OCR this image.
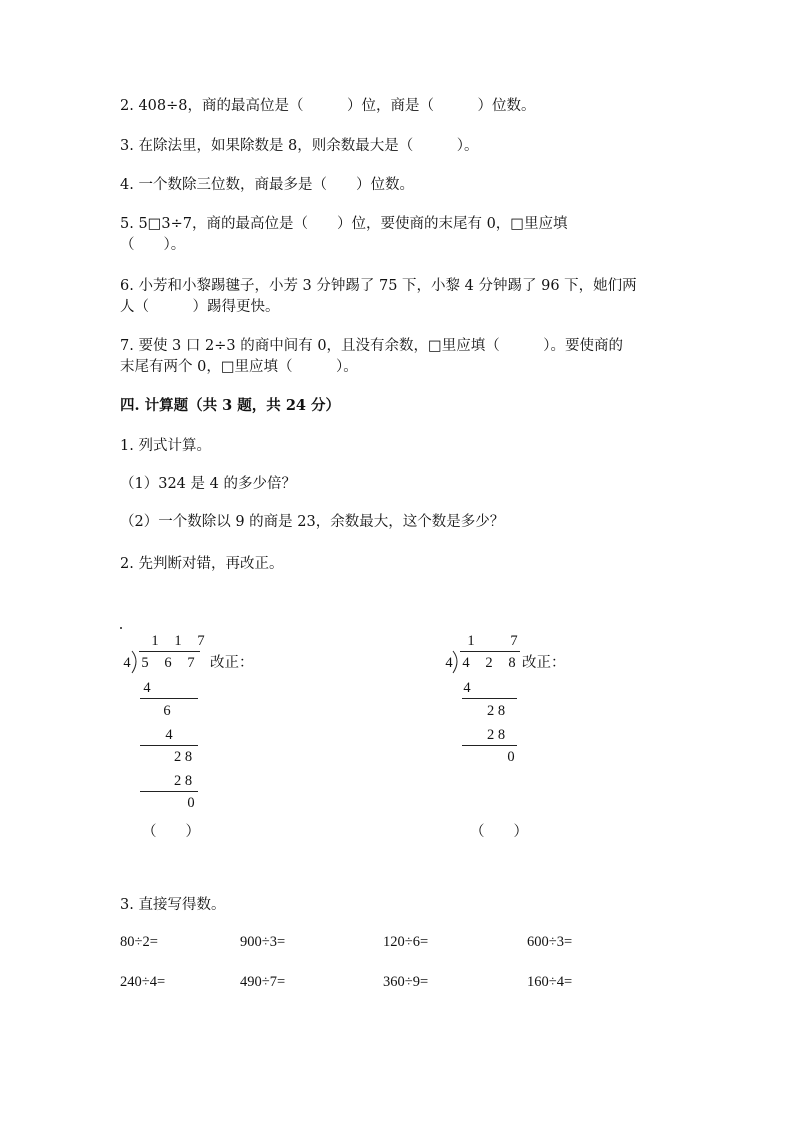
2. 408÷8，商的最高位是（　　　）位，商是（　　　）位数。
3. 在除法里，如果除数是 8，则余数最大是（　　　）。
4. 一个数除三位数，商最多是（　　）位数。
5. 5□3÷7，商的最高位是（　　）位，要使商的末尾有 0，□里应填
（　　）。
6. 小芳和小黎踢毽子，小芳 3 分钟踢了 75 下，小黎 4 分钟踢了 96 下，她们两
人（　　　）踢得更快。
7. 要使 3 口 2÷3 的商中间有 0，且没有余数，□里应填（　　　）。要使商的
末尾有两个 0，□里应填（　　　）。
四. 计算题（共 3 题，共 24 分）
1. 列式计算。
（1）324 是 4 的多少倍？
（2）一个数除以 9 的商是 23，余数最大，这个数是多少？
2. 先判断对错，再改正。
1 1 7
4 5 6 7 改正：
4
6
4
2 8
2 8
0
（　　）
1 7
4 4 2 8 改正：
4
2 8
2 8
0
（　　）
3. 直接写得数。
80÷2=	900÷3=	120÷6=	600÷3=
240÷4=	490÷7=	360÷9=	160÷4=
